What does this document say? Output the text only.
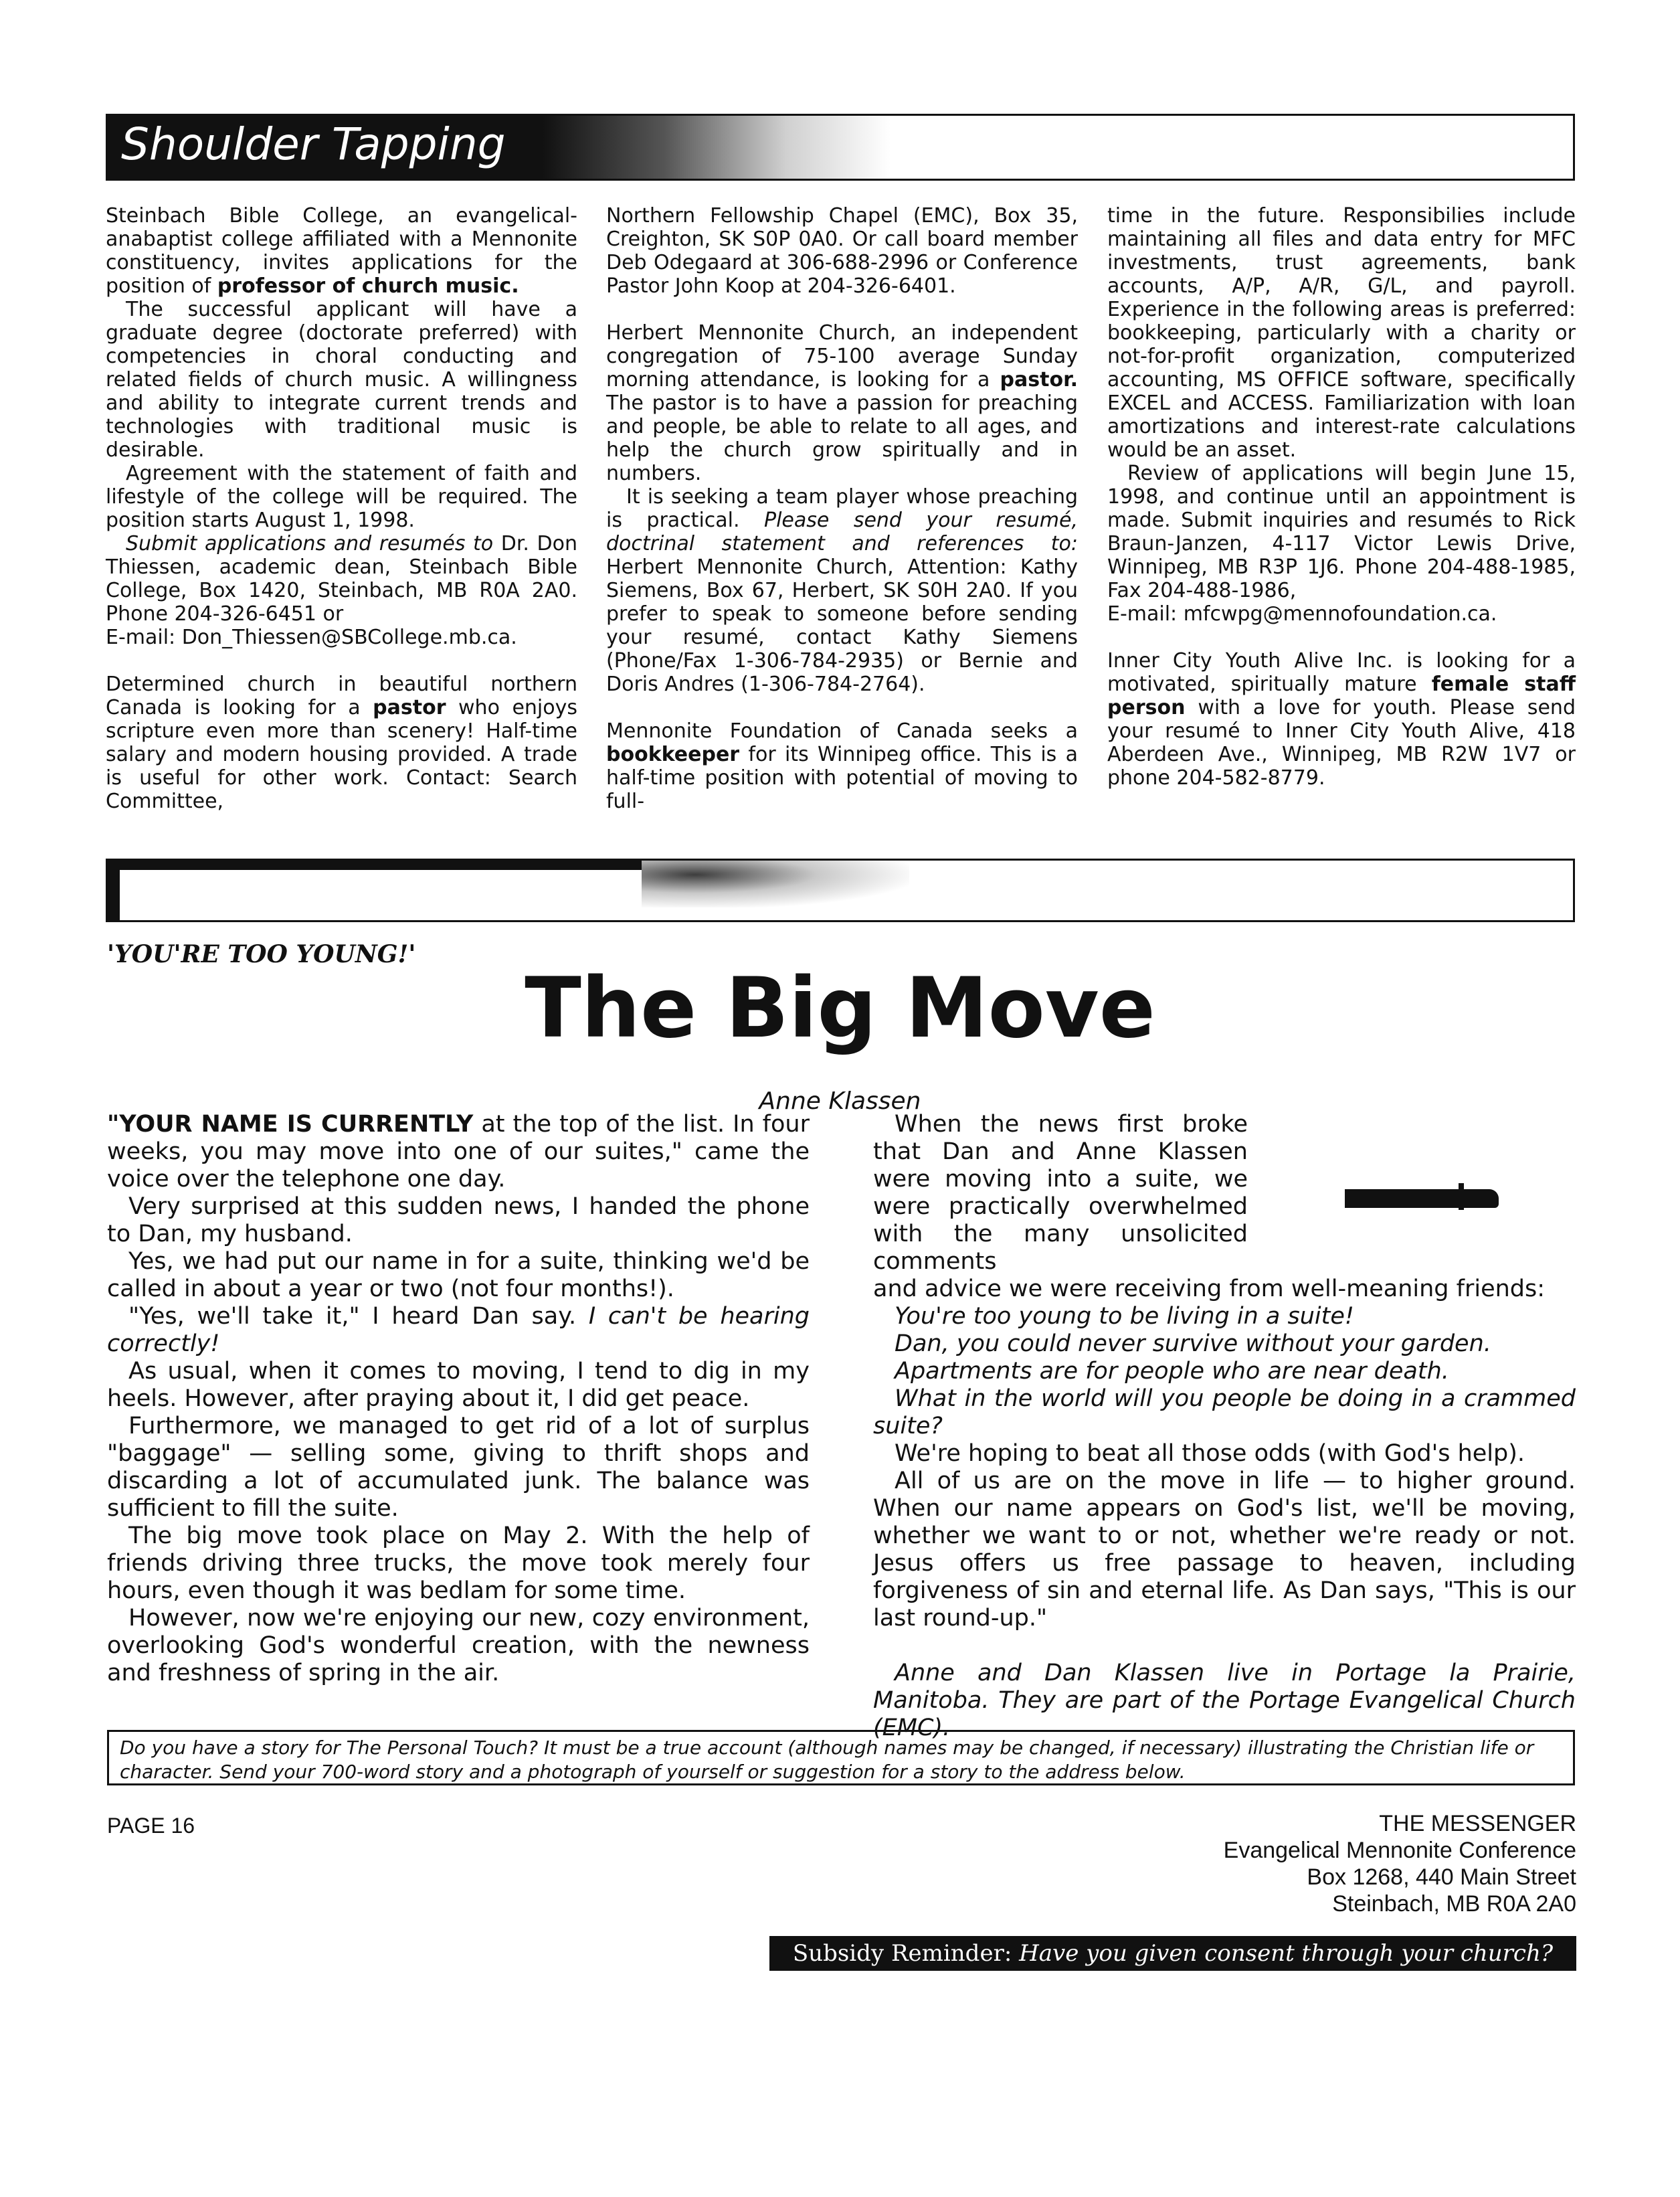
Shoulder Tapping

Steinbach Bible College, an evangelical-anabaptist college affiliated with a Mennonite constituency, invites applications for the position of professor of church music.

The successful applicant will have a graduate degree (doctorate preferred) with competencies in choral conducting and related fields of church music. A willingness and ability to integrate current trends and technologies with traditional music is desirable.

Agreement with the statement of faith and lifestyle of the college will be required. The position starts August 1, 1998.

Submit applications and resumés to Dr. Don Thiessen, academic dean, Steinbach Bible College, Box 1420, Steinbach, MB R0A 2A0. Phone 204-326-6451 or

E-mail: Don_Thiessen@SBCollege.mb.ca.

Determined church in beautiful northern Canada is looking for a pastor who enjoys scripture even more than scenery! Half-time salary and modern housing provided. A trade is useful for other work. Contact: Search Committee,

Northern Fellowship Chapel (EMC), Box 35, Creighton, SK S0P 0A0. Or call board member Deb Odegaard at 306-688-2996 or Conference Pastor John Koop at 204-326-6401.

Herbert Mennonite Church, an independent congregation of 75-100 average Sunday morning attendance, is looking for a pastor. The pastor is to have a passion for preaching and people, be able to relate to all ages, and help the church grow spiritually and in numbers.

It is seeking a team player whose preaching is practical. Please send your resumé, doctrinal statement and references to: Herbert Mennonite Church, Attention: Kathy Siemens, Box 67, Herbert, SK S0H 2A0. If you prefer to speak to someone before sending your resumé, contact Kathy Siemens (Phone/Fax 1-306-784-2935) or Bernie and Doris Andres (1-306-784-2764).

Mennonite Foundation of Canada seeks a bookkeeper for its Winnipeg office. This is a half-time position with potential of moving to full-

time in the future. Responsibilies include maintaining all files and data entry for MFC investments, trust agreements, bank accounts, A/P, A/R, G/L, and payroll. Experience in the following areas is preferred: bookkeeping, particularly with a charity or not-for-profit organization, computerized accounting, MS OFFICE software, specifically EXCEL and ACCESS. Familiarization with loan amortizations and interest-rate calculations would be an asset.

Review of applications will begin June 15, 1998, and continue until an appointment is made. Submit inquiries and resumés to Rick Braun-Janzen, 4-117 Victor Lewis Drive, Winnipeg, MB R3P 1J6. Phone 204-488-1985, Fax 204-488-1986,

E-mail: mfcwpg@mennofoundation.ca.

Inner City Youth Alive Inc. is looking for a motivated, spiritually mature female staff person with a love for youth. Please send your resumé to Inner City Youth Alive, 418 Aberdeen Ave., Winnipeg, MB R2W 1V7 or phone 204-582-8779.

'YOU'RE TOO YOUNG!'
The Big Move
Anne Klassen

"YOUR NAME IS CURRENTLY at the top of the list. In four weeks, you may move into one of our suites," came the voice over the telephone one day.

Very surprised at this sudden news, I handed the phone to Dan, my husband.

Yes, we had put our name in for a suite, thinking we'd be called in about a year or two (not four months!).

"Yes, we'll take it," I heard Dan say. I can't be hearing correctly!

As usual, when it comes to moving, I tend to dig in my heels. However, after praying about it, I did get peace.

Furthermore, we managed to get rid of a lot of surplus "baggage" — selling some, giving to thrift shops and discarding a lot of accumulated junk. The balance was sufficient to fill the suite.

The big move took place on May 2. With the help of friends driving three trucks, the move took merely four hours, even though it was bedlam for some time.

However, now we're enjoying our new, cozy environment, overlooking God's wonderful creation, with the newness and freshness of spring in the air.

When the news first broke that Dan and Anne Klassen were moving into a suite, we were practically overwhelmed with the many unsolicited comments

and advice we were receiving from well-meaning friends:

You're too young to be living in a suite!

Dan, you could never survive without your garden.

Apartments are for people who are near death.

What in the world will you people be doing in a crammed suite?

We're hoping to beat all those odds (with God's help).

All of us are on the move in life — to higher ground. When our name appears on God's list, we'll be moving, whether we want to or not, whether we're ready or not. Jesus offers us free passage to heaven, including forgiveness of sin and eternal life. As Dan says, "This is our last round-up."

Anne and Dan Klassen live in Portage la Prairie, Manitoba. They are part of the Portage Evangelical Church (EMC).

Do you have a story for The Personal Touch? It must be a true account (although names may be changed, if necessary) illustrating the Christian life or character. Send your 700-word story and a photograph of yourself or suggestion for a story to the address below.
PAGE 16	THE MESSENGER
Evangelical Mennonite Conference
Box 1268, 440 Main Street
Steinbach, MB R0A 2A0
Subsidy Reminder: Have you given consent through your church?
